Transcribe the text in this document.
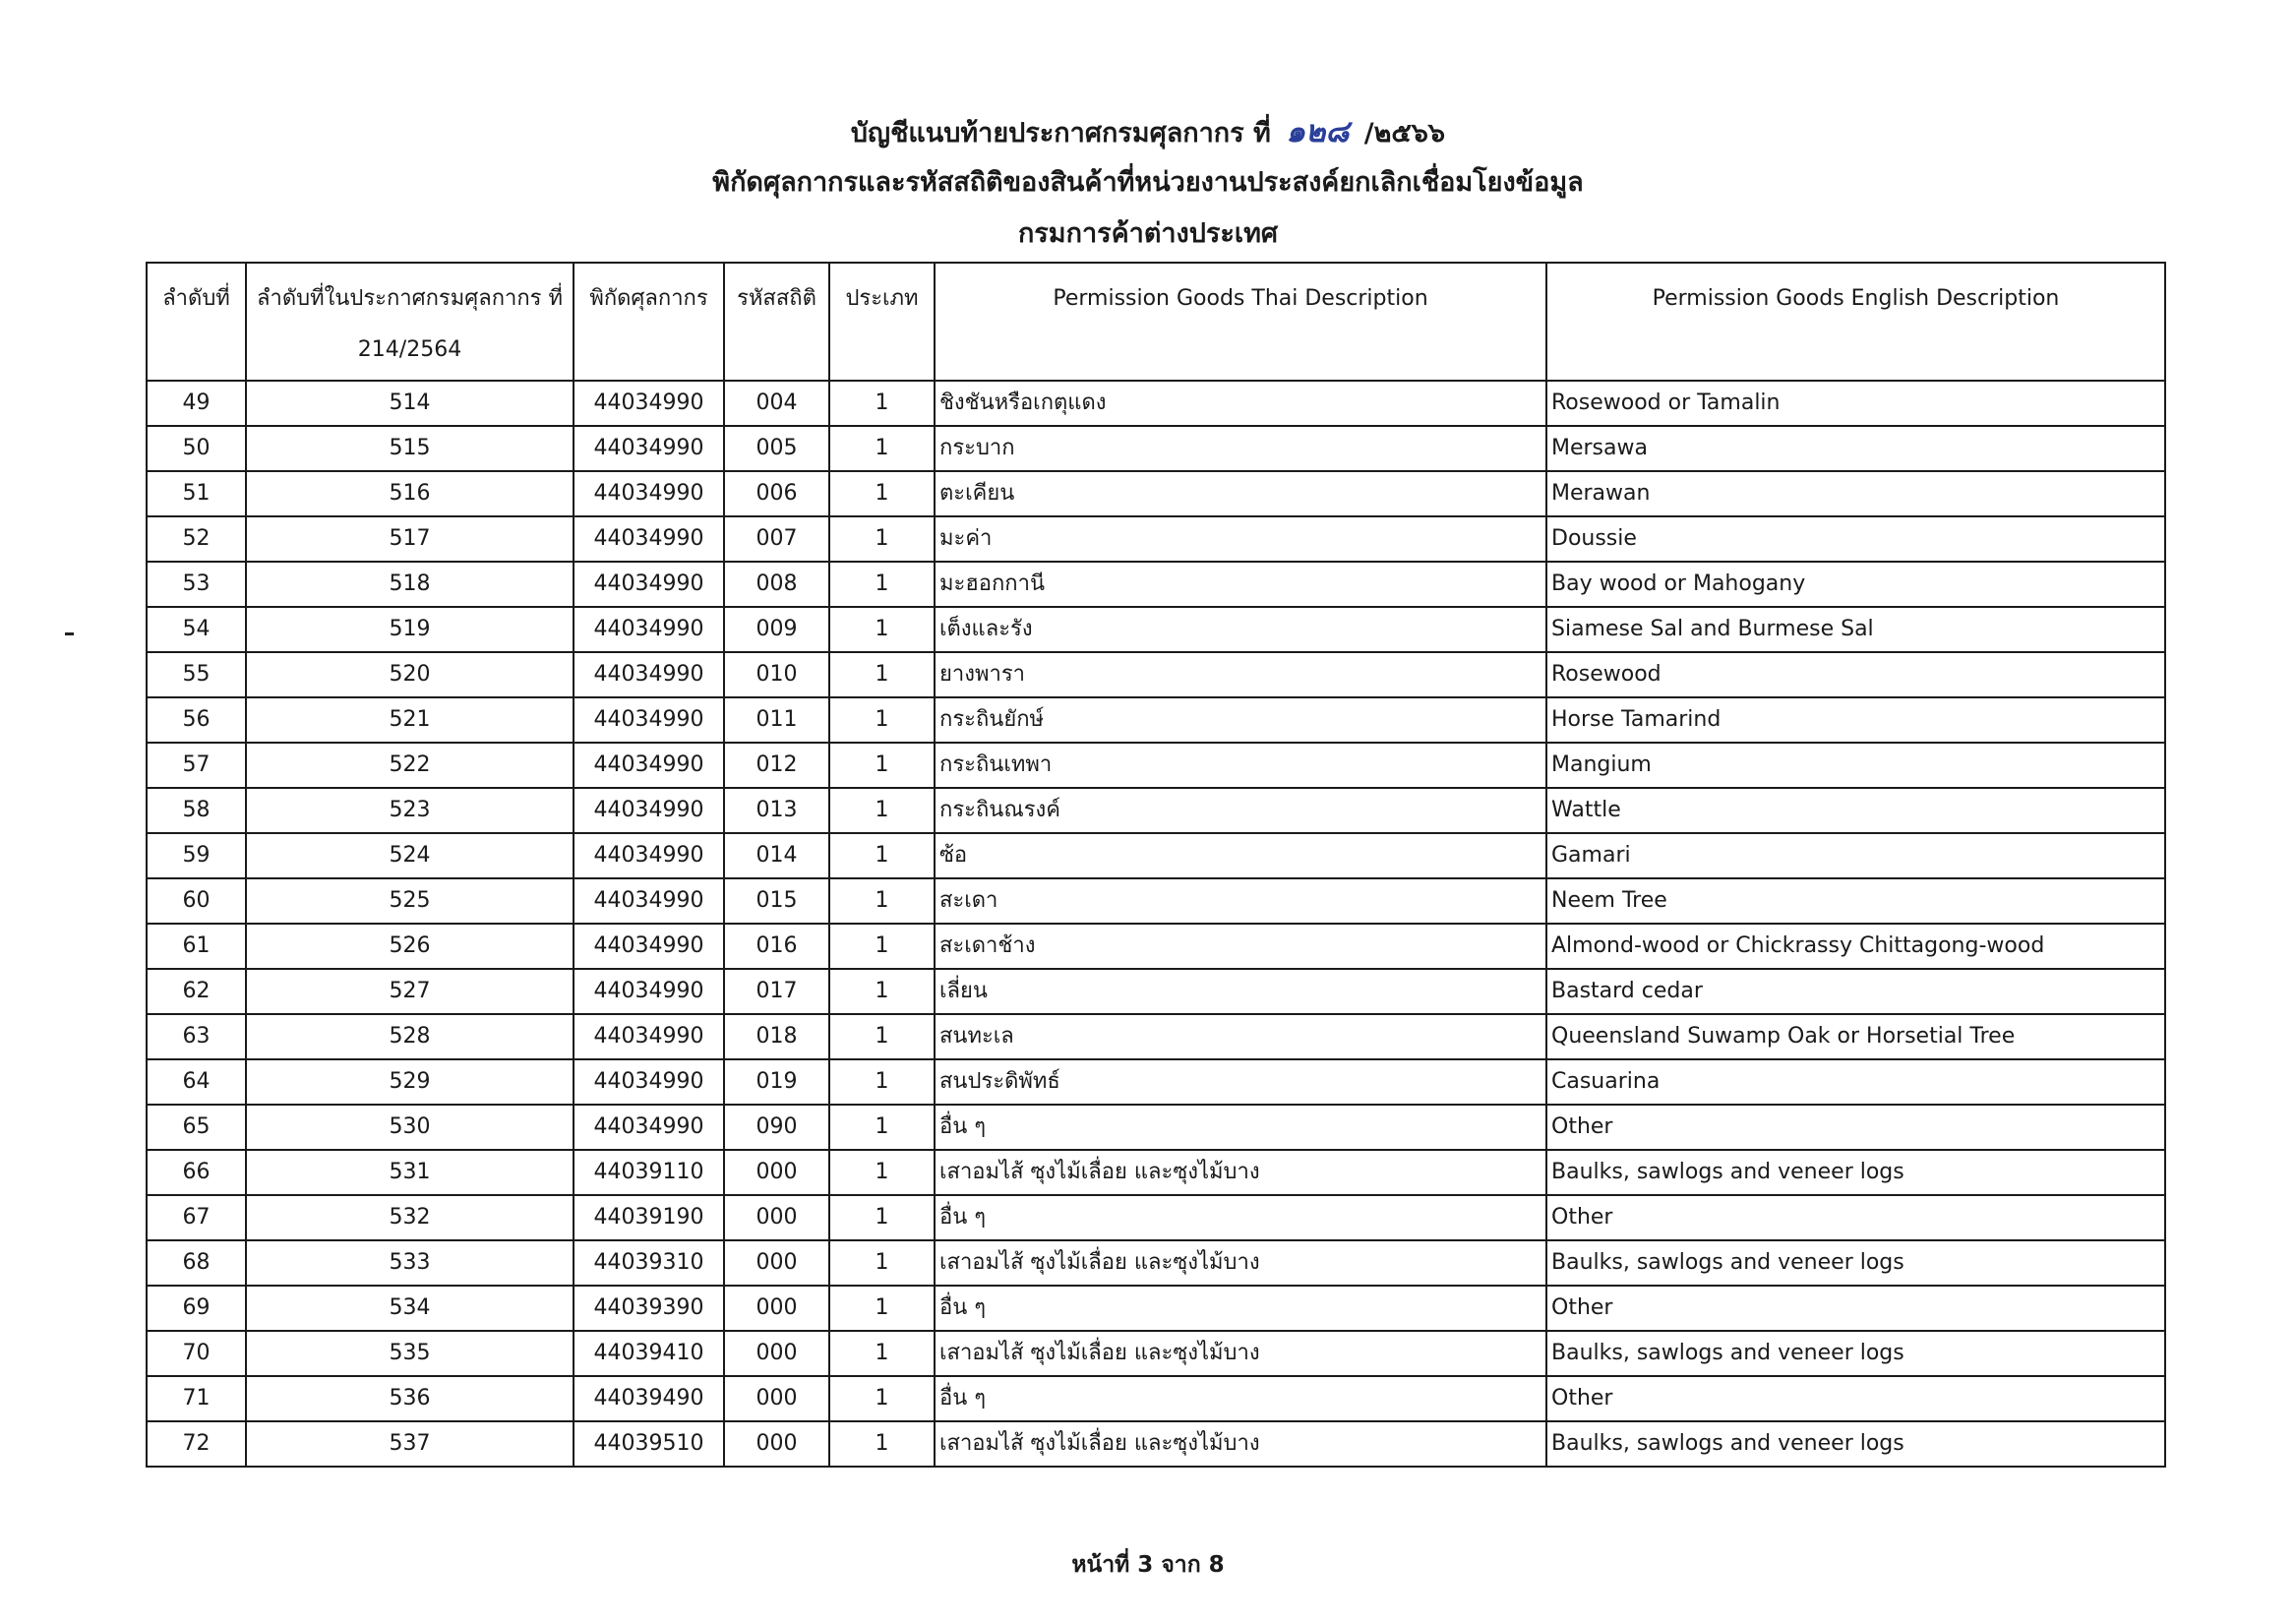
บัญชีแนบท้ายประกาศกรมศุลกากร ที่ ๑๒๘ /๒๕๖๖
พิกัดศุลกากรและรหัสสถิติของสินค้าที่หน่วยงานประสงค์ยกเลิกเชื่อมโยงข้อมูล
กรมการค้าต่างประเทศ
ลำดับที่	ลำดับที่ในประกาศกรมศุลกากร ที่ 214/2564	พิกัดศุลกากร	รหัสสถิติ	ประเภท	Permission Goods Thai Description	Permission Goods English Description
49	514	44034990	004	1	ชิงชันหรือเกตุแดง	Rosewood or Tamalin
50	515	44034990	005	1	กระบาก	Mersawa
51	516	44034990	006	1	ตะเคียน	Merawan
52	517	44034990	007	1	มะค่า	Doussie
53	518	44034990	008	1	มะฮอกกานี	Bay wood or Mahogany
54	519	44034990	009	1	เต็งและรัง	Siamese Sal and Burmese Sal
55	520	44034990	010	1	ยางพารา	Rosewood
56	521	44034990	011	1	กระถินยักษ์	Horse Tamarind
57	522	44034990	012	1	กระถินเทพา	Mangium
58	523	44034990	013	1	กระถินณรงค์	Wattle
59	524	44034990	014	1	ซ้อ	Gamari
60	525	44034990	015	1	สะเดา	Neem Tree
61	526	44034990	016	1	สะเดาช้าง	Almond-wood or Chickrassy Chittagong-wood
62	527	44034990	017	1	เลี่ยน	Bastard cedar
63	528	44034990	018	1	สนทะเล	Queensland Suwamp Oak or Horsetial Tree
64	529	44034990	019	1	สนประดิพัทธ์	Casuarina
65	530	44034990	090	1	อื่น ๆ	Other
66	531	44039110	000	1	เสาอมไส้ ซุงไม้เลื่อย และซุงไม้บาง	Baulks, sawlogs and veneer logs
67	532	44039190	000	1	อื่น ๆ	Other
68	533	44039310	000	1	เสาอมไส้ ซุงไม้เลื่อย และซุงไม้บาง	Baulks, sawlogs and veneer logs
69	534	44039390	000	1	อื่น ๆ	Other
70	535	44039410	000	1	เสาอมไส้ ซุงไม้เลื่อย และซุงไม้บาง	Baulks, sawlogs and veneer logs
71	536	44039490	000	1	อื่น ๆ	Other
72	537	44039510	000	1	เสาอมไส้ ซุงไม้เลื่อย และซุงไม้บาง	Baulks, sawlogs and veneer logs
หน้าที่ 3 จาก 8
